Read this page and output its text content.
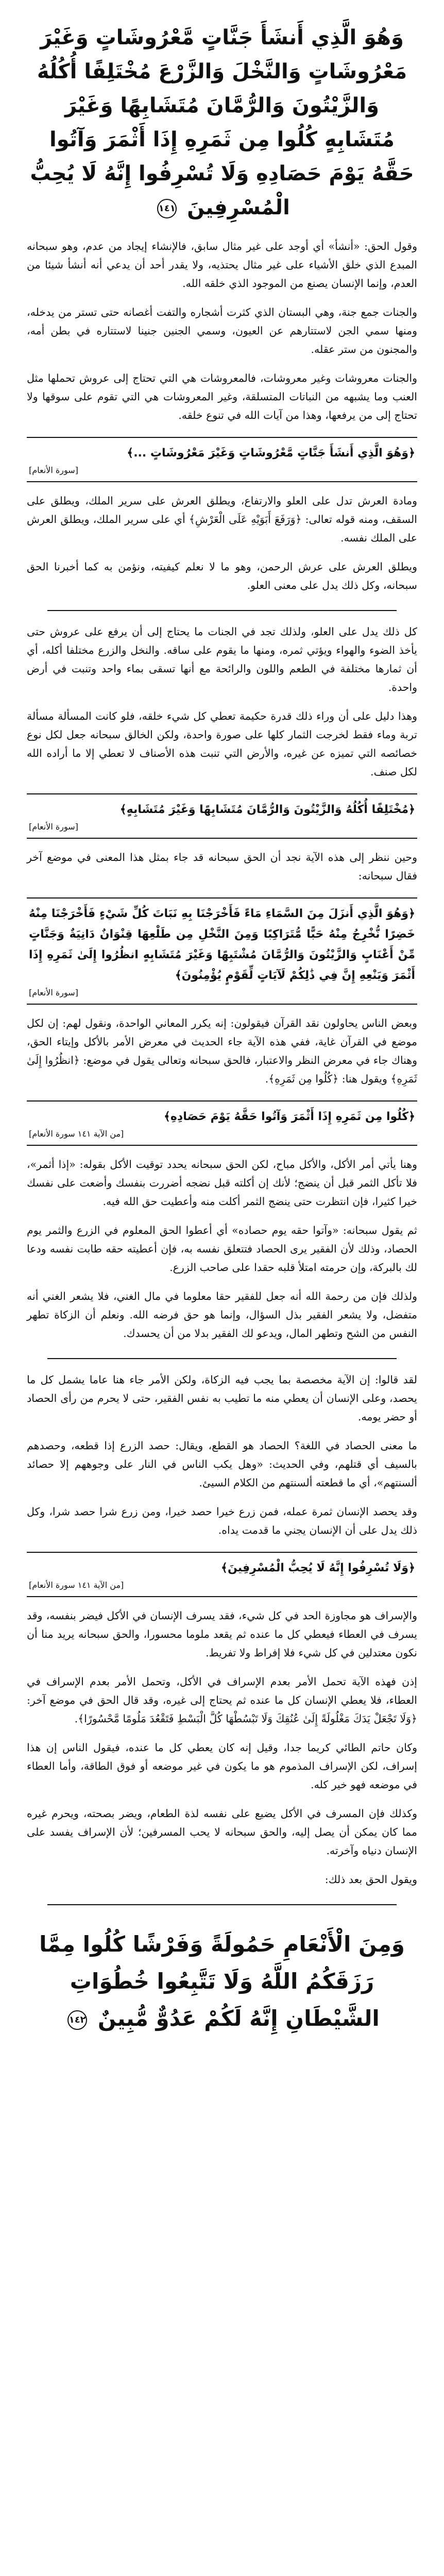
وَهُوَ الَّذِي أَنشَأَ جَنَّاتٍ مَّعْرُوشَاتٍ وَغَيْرَ مَعْرُوشَاتٍ وَالنَّخْلَ وَالزَّرْعَ مُخْتَلِفًا أُكُلُهُ وَالزَّيْتُونَ وَالرُّمَّانَ مُتَشَابِهًا وَغَيْرَ مُتَشَابِهٍ كُلُوا مِن ثَمَرِهِ إِذَا أَثْمَرَ وَآتُوا حَقَّهُ يَوْمَ حَصَادِهِ وَلَا تُسْرِفُوا إِنَّهُ لَا يُحِبُّ الْمُسْرِفِينَ ١٤١

وقول الحق: «أنشأ» أي أوجد على غير مثال سابق، فالإنشاء إيجاد من عدم، وهو سبحانه المبدع الذي خلق الأشياء على غير مثال يحتذيه، ولا يقدر أحد أن يدعي أنه أنشأ شيئا من العدم، وإنما الإنسان يصنع من الموجود الذي خلقه الله.

والجنات جمع جنة، وهي البستان الذي كثرت أشجاره والتفت أغصانه حتى تستر من يدخله، ومنها سمي الجن لاستتارهم عن العيون، وسمي الجنين جنينا لاستتاره في بطن أمه، والمجنون من ستر عقله.

والجنات معروشات وغير معروشات، فالمعروشات هي التي تحتاج إلى عروش تحملها مثل العنب وما يشبهه من النباتات المتسلقة، وغير المعروشات هي التي تقوم على سوقها ولا تحتاج إلى من يرفعها، وهذا من آيات الله في تنوع خلقه.

﴿وَهُوَ الَّذِي أَنشَأَ جَنَّاتٍ مَّعْرُوشَاتٍ وَغَيْرَ مَعْرُوشَاتٍ ...﴾

[سورة الأنعام]

ومادة العرش تدل على العلو والارتفاع، ويطلق العرش على سرير الملك، ويطلق على السقف، ومنه قوله تعالى: ﴿وَرَفَعَ أَبَوَيْهِ عَلَى الْعَرْشِ﴾ أي على سرير الملك، ويطلق العرش على الملك نفسه.

ويطلق العرش على عرش الرحمن، وهو ما لا نعلم كيفيته، ونؤمن به كما أخبرنا الحق سبحانه، وكل ذلك يدل على معنى العلو.

كل ذلك يدل على العلو، ولذلك تجد في الجنات ما يحتاج إلى أن يرفع على عروش حتى يأخذ الضوء والهواء ويؤتي ثمره، ومنها ما يقوم على ساقه. والنخل والزرع مختلفا أكله، أي أن ثمارها مختلفة في الطعم واللون والرائحة مع أنها تسقى بماء واحد وتنبت في أرض واحدة.

وهذا دليل على أن وراء ذلك قدرة حكيمة تعطي كل شيء خلقه، فلو كانت المسألة مسألة تربة وماء فقط لخرجت الثمار كلها على صورة واحدة، ولكن الخالق سبحانه جعل لكل نوع خصائصه التي تميزه عن غيره، والأرض التي تنبت هذه الأصناف لا تعطي إلا ما أراده الله لكل صنف.

﴿مُخْتَلِفًا أُكُلُهُ وَالزَّيْتُونَ وَالرُّمَّانَ مُتَشَابِهًا وَغَيْرَ مُتَشَابِهٍ﴾

[سورة الأنعام]

وحين ننظر إلى هذه الآية نجد أن الحق سبحانه قد جاء بمثل هذا المعنى في موضع آخر فقال سبحانه:

﴿وَهُوَ الَّذِي أَنزَلَ مِنَ السَّمَاءِ مَاءً فَأَخْرَجْنَا بِهِ نَبَاتَ كُلِّ شَيْءٍ فَأَخْرَجْنَا مِنْهُ خَضِرًا نُّخْرِجُ مِنْهُ حَبًّا مُّتَرَاكِبًا وَمِنَ النَّخْلِ مِن طَلْعِهَا قِنْوَانٌ دَانِيَةٌ وَجَنَّاتٍ مِّنْ أَعْنَابٍ وَالزَّيْتُونَ وَالرُّمَّانَ مُشْتَبِهًا وَغَيْرَ مُتَشَابِهٍ انظُرُوا إِلَىٰ ثَمَرِهِ إِذَا أَثْمَرَ وَيَنْعِهِ إِنَّ فِي ذَٰلِكُمْ لَآيَاتٍ لِّقَوْمٍ يُؤْمِنُونَ﴾

[سورة الأنعام]

وبعض الناس يحاولون نقد القرآن فيقولون: إنه يكرر المعاني الواحدة، ونقول لهم: إن لكل موضع في القرآن غاية، ففي هذه الآية جاء الحديث في معرض الأمر بالأكل وإيتاء الحق، وهناك جاء في معرض النظر والاعتبار، فالحق سبحانه وتعالى يقول في موضع: ﴿انظُرُوا إِلَىٰ ثَمَرِهِ﴾ ويقول هنا: ﴿كُلُوا مِن ثَمَرِهِ﴾.

﴿كُلُوا مِن ثَمَرِهِ إِذَا أَثْمَرَ وَآتُوا حَقَّهُ يَوْمَ حَصَادِهِ﴾

[من الآية ١٤١ سورة الأنعام]

وهنا يأتي أمر الأكل، والأكل مباح، لكن الحق سبحانه يحدد توقيت الأكل بقوله: «إذا أثمر»، فلا تأكل الثمر قبل أن ينضج؛ لأنك إن أكلته قبل نضجه أضررت بنفسك وأضعت على نفسك خيرا كثيرا، فإن انتظرت حتى ينضج الثمر أكلت منه وأعطيت حق الله فيه.

ثم يقول سبحانه: «وآتوا حقه يوم حصاده» أي أعطوا الحق المعلوم في الزرع والثمر يوم الحصاد، وذلك لأن الفقير يرى الحصاد فتتعلق نفسه به، فإن أعطيته حقه طابت نفسه ودعا لك بالبركة، وإن حرمته امتلأ قلبه حقدا على صاحب الزرع.

ولذلك فإن من رحمة الله أنه جعل للفقير حقا معلوما في مال الغني، فلا يشعر الغني أنه متفضل، ولا يشعر الفقير بذل السؤال، وإنما هو حق فرضه الله. ونعلم أن الزكاة تطهر النفس من الشح وتطهر المال، ويدعو لك الفقير بدلا من أن يحسدك.

لقد قالوا: إن الآية مخصصة بما يجب فيه الزكاة، ولكن الأمر جاء هنا عاما يشمل كل ما يحصد، وعلى الإنسان أن يعطي منه ما تطيب به نفس الفقير، حتى لا يحرم من رأى الحصاد أو حضر يومه.

ما معنى الحصاد في اللغة؟ الحصاد هو القطع، ويقال: حصد الزرع إذا قطعه، وحصدهم بالسيف أي قتلهم، وفي الحديث: «وهل يكب الناس في النار على وجوههم إلا حصائد ألسنتهم»، أي ما قطعته ألسنتهم من الكلام السيئ.

وقد يحصد الإنسان ثمرة عمله، فمن زرع خيرا حصد خيرا، ومن زرع شرا حصد شرا، وكل ذلك يدل على أن الإنسان يجني ما قدمت يداه.

﴿وَلَا تُسْرِفُوا إِنَّهُ لَا يُحِبُّ الْمُسْرِفِينَ﴾

[من الآية ١٤١ سورة الأنعام]

والإسراف هو مجاوزة الحد في كل شيء، فقد يسرف الإنسان في الأكل فيضر بنفسه، وقد يسرف في العطاء فيعطي كل ما عنده ثم يقعد ملوما محسورا، والحق سبحانه يريد منا أن نكون معتدلين في كل شيء فلا إفراط ولا تفريط.

إذن فهذه الآية تحمل الأمر بعدم الإسراف في الأكل، وتحمل الأمر بعدم الإسراف في العطاء، فلا يعطي الإنسان كل ما عنده ثم يحتاج إلى غيره، وقد قال الحق في موضع آخر: ﴿وَلَا تَجْعَلْ يَدَكَ مَغْلُولَةً إِلَىٰ عُنُقِكَ وَلَا تَبْسُطْهَا كُلَّ الْبَسْطِ فَتَقْعُدَ مَلُومًا مَّحْسُورًا﴾.

وكان حاتم الطائي كريما جدا، وقيل إنه كان يعطي كل ما عنده، فيقول الناس إن هذا إسراف، لكن الإسراف المذموم هو ما يكون في غير موضعه أو فوق الطاقة، وأما العطاء في موضعه فهو خير كله.

وكذلك فإن المسرف في الأكل يضيع على نفسه لذة الطعام، ويضر بصحته، ويحرم غيره مما كان يمكن أن يصل إليه، والحق سبحانه لا يحب المسرفين؛ لأن الإسراف يفسد على الإنسان دنياه وآخرته.

ويقول الحق بعد ذلك:

وَمِنَ الْأَنْعَامِ حَمُولَةً وَفَرْشًا كُلُوا مِمَّا رَزَقَكُمُ اللَّهُ وَلَا تَتَّبِعُوا خُطُوَاتِ الشَّيْطَانِ إِنَّهُ لَكُمْ عَدُوٌّ مُّبِينٌ ١٤٢
